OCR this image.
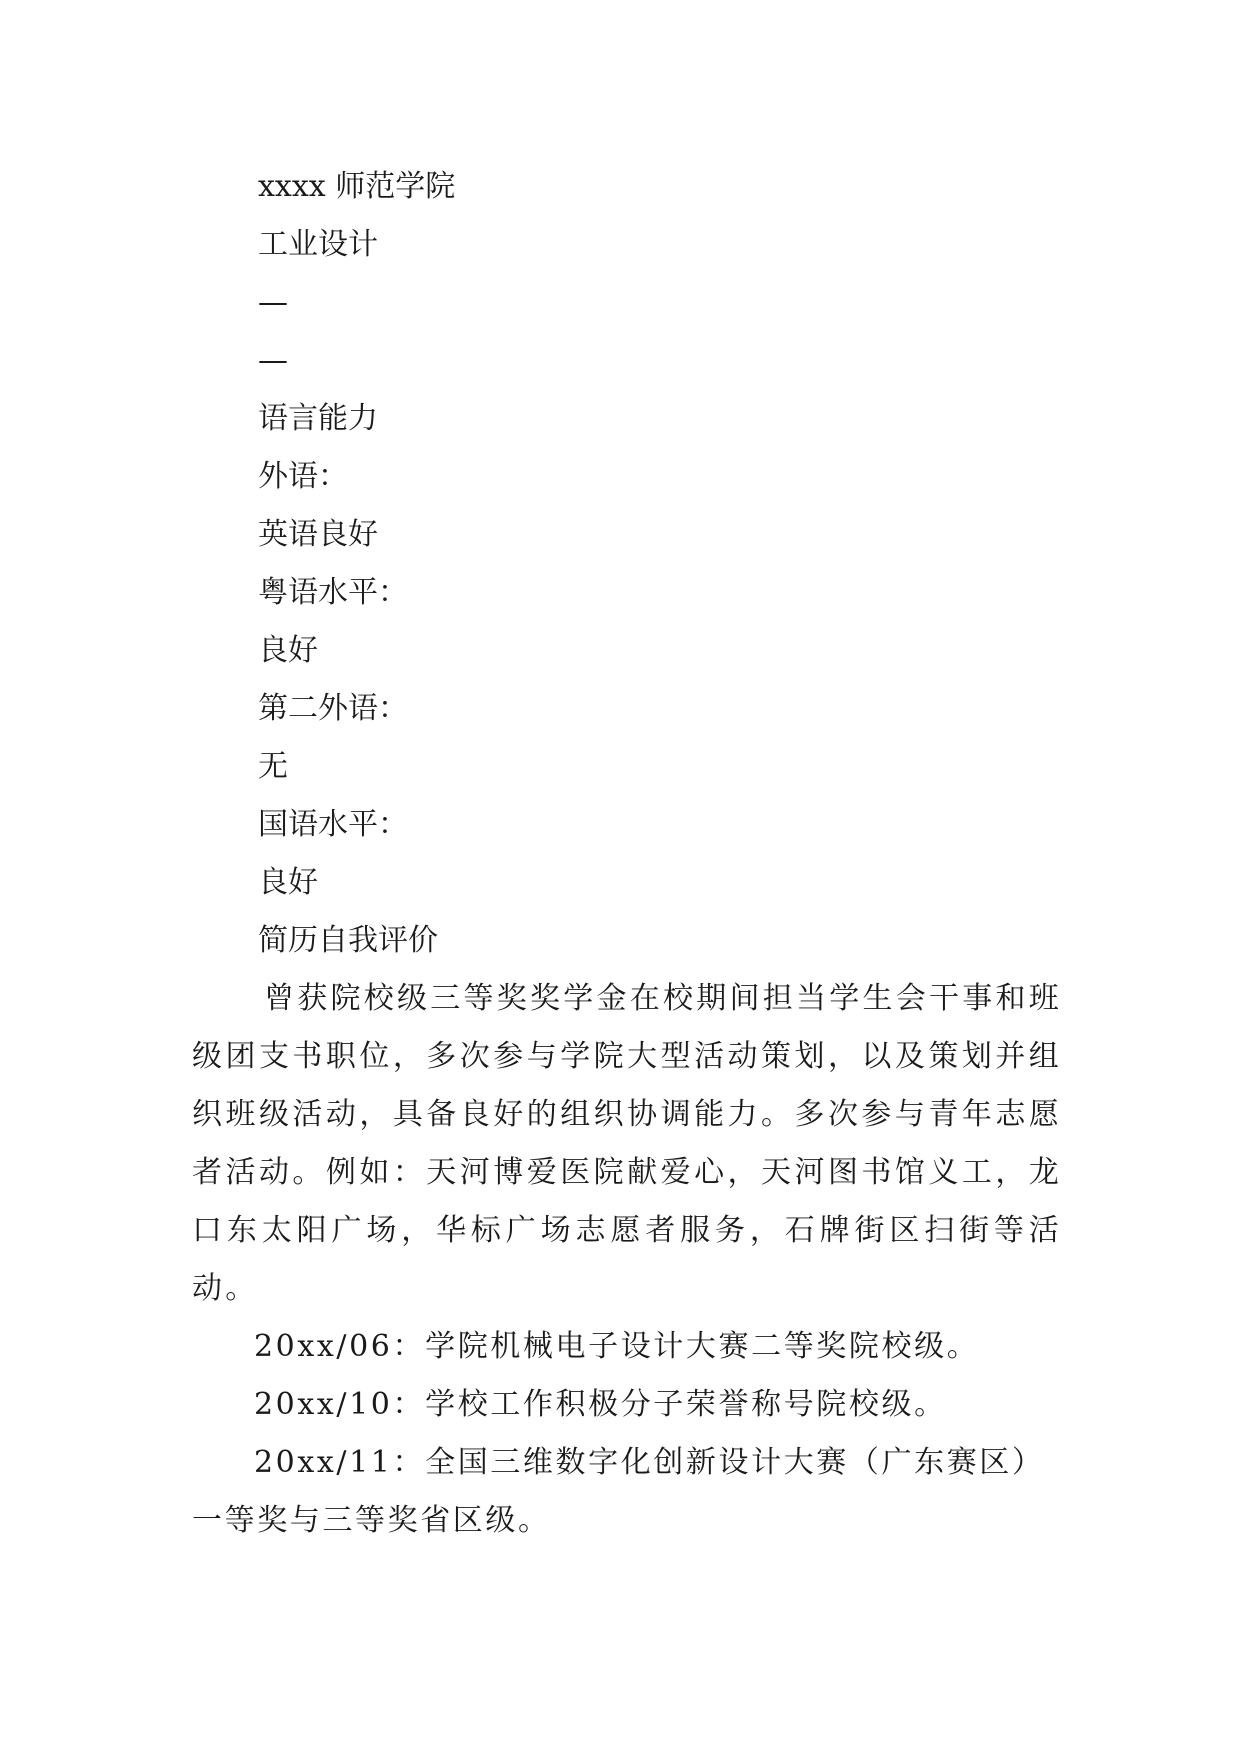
xxxx 师范学院
工业设计
—
—
语言能力
外语：
英语良好
粤语水平：
良好
第二外语：
无
国语水平：
良好
简历自我评价

曾获院校级三等奖奖学金在校期间担当学生会干事和班级团支书职位，多次参与学院大型活动策划，以及策划并组织班级活动，具备良好的组织协调能力。多次参与青年志愿者活动。例如：天河博爱医院献爱心，天河图书馆义工，龙口东太阳广场，华标广场志愿者服务，石牌街区扫街等活动。

20xx/06：学院机械电子设计大赛二等奖院校级。

20xx/10：学校工作积极分子荣誉称号院校级。

20xx/11：全国三维数字化创新设计大赛（广东赛区）一等奖与三等奖省区级。
